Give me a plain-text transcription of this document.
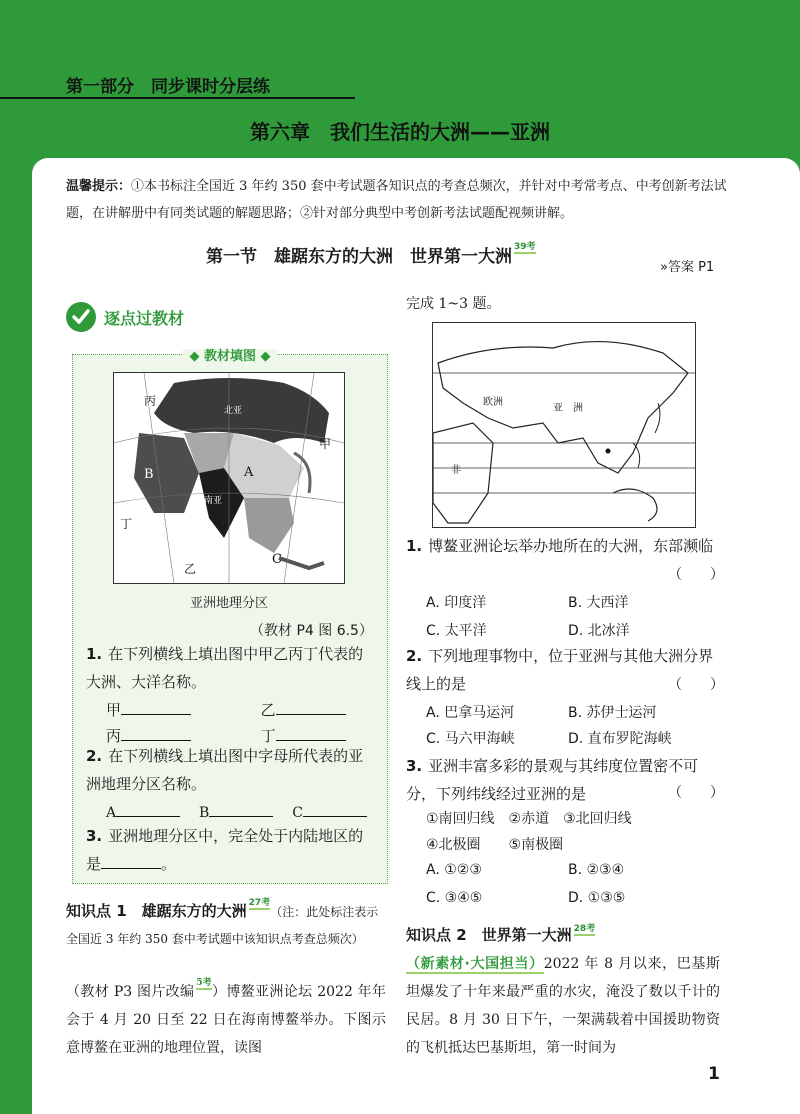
第一部分　同步课时分层练
第六章　我们生活的大洲——亚洲
温馨提示：①本书标注全国近 3 年约 350 套中考试题各知识点的考查总频次，并针对中考常考点、中考创新考法试题，在讲解册中有同类试题的解题思路；②针对部分典型中考创新考法试题配视频讲解。
第一节　雄踞东方的大洲　世界第一大洲 39考
»答案 P1
逐点过教材
◆ 教材填图 ◆
丙
甲
乙
丁
A
B
C
北亚
南亚
亚洲地理分区
（教材 P4 图 6.5）
1. 在下列横线上填出图中甲乙丙丁代表的大洲、大洋名称。
甲	乙
丙	丁
2. 在下列横线上填出图中字母所代表的亚洲地理分区名称。
A	B	C
3. 亚洲地理分区中，完全处于内陆地区的是	。
知识点 1　雄踞东方的大洲 27考（注：此处标注表示全国近 3 年约 350 套中考试题中该知识点考查总频次）
（教材 P3 图片改编5考）博鳌亚洲论坛 2022 年年会于 4 月 20 日至 22 日在海南博鳌举办。下图示意博鳌在亚洲的地理位置，读图
完成 1~3 题。
欧洲
亚　洲
非
1. 博鳌亚洲论坛举办地所在的大洲，东部濒临
（　　）
A. 印度洋	B. 大西洋
C. 太平洋	D. 北冰洋
2. 下列地理事物中，位于亚洲与其他大洲分界线上的是	（　　）
A. 巴拿马运河	B. 苏伊士运河
C. 马六甲海峡	D. 直布罗陀海峡
3. 亚洲丰富多彩的景观与其纬度位置密不可分，下列纬线经过亚洲的是	（　　）
①南回归线　②赤道　③北回归线
④北极圈　　⑤南极圈
A. ①②③	B. ②③④
C. ③④⑤	D. ①③⑤
知识点 2　世界第一大洲 28考
（新素材·大国担当）2022 年 8 月以来，巴基斯坦爆发了十年来最严重的水灾，淹没了数以千计的民居。8 月 30 日下午，一架满载着中国援助物资的飞机抵达巴基斯坦，第一时间为
1
